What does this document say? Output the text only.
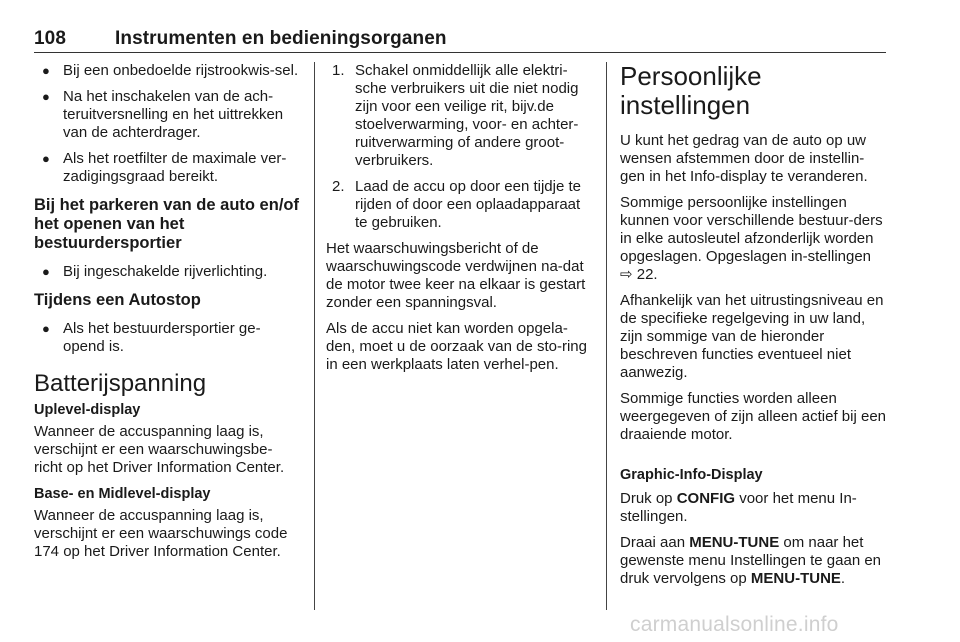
108	Instrumenten en bedieningsorganen
● Bij een onbedoelde rijstrookwis-sel.
● Na het inschakelen van de ach-teruitversnelling en het uittrekken van de achterdrager.
● Als het roetfilter de maximale ver-zadigingsgraad bereikt.
Bij het parkeren van de auto en/of het openen van het bestuurdersportier
● Bij ingeschakelde rijverlichting.
Tijdens een Autostop
● Als het bestuurdersportier ge-opend is.
Batterijspanning
Uplevel-display

Wanneer de accuspanning laag is, verschijnt er een waarschuwingsbe-richt op het Driver Information Center.

Base- en Midlevel-display

Wanneer de accuspanning laag is, verschijnt er een waarschuwings code 174 op het Driver Information Center.

1. Schakel onmiddellijk alle elektri-sche verbruikers uit die niet nodig zijn voor een veilige rit, bijv.de stoelverwarming, voor- en achter-ruitverwarming of andere groot-verbruikers.
2. Laad de accu op door een tijdje te rijden of door een oplaadapparaat te gebruiken.

Het waarschuwingsbericht of de waarschuwingscode verdwijnen na-dat de motor twee keer na elkaar is gestart zonder een spanningsval.

Als de accu niet kan worden opgela-den, moet u de oorzaak van de sto-ring in een werkplaats laten verhel-pen.

Persoonlijke instellingen

U kunt het gedrag van de auto op uw wensen afstemmen door de instellin-gen in het Info-display te veranderen.

Sommige persoonlijke instellingen kunnen voor verschillende bestuur-ders in elke autosleutel afzonderlijk worden opgeslagen. Opgeslagen in-stellingen ⇨ 22.

Afhankelijk van het uitrustingsniveau en de specifieke regelgeving in uw land, zijn sommige van de hieronder beschreven functies eventueel niet aanwezig.

Sommige functies worden alleen weergegeven of zijn alleen actief bij een draaiende motor.

Graphic-Info-Display

Druk op CONFIG voor het menu In-stellingen.

Draai aan MENU-TUNE om naar het gewenste menu Instellingen te gaan en druk vervolgens op MENU-TUNE.

carmanualsonline.info
